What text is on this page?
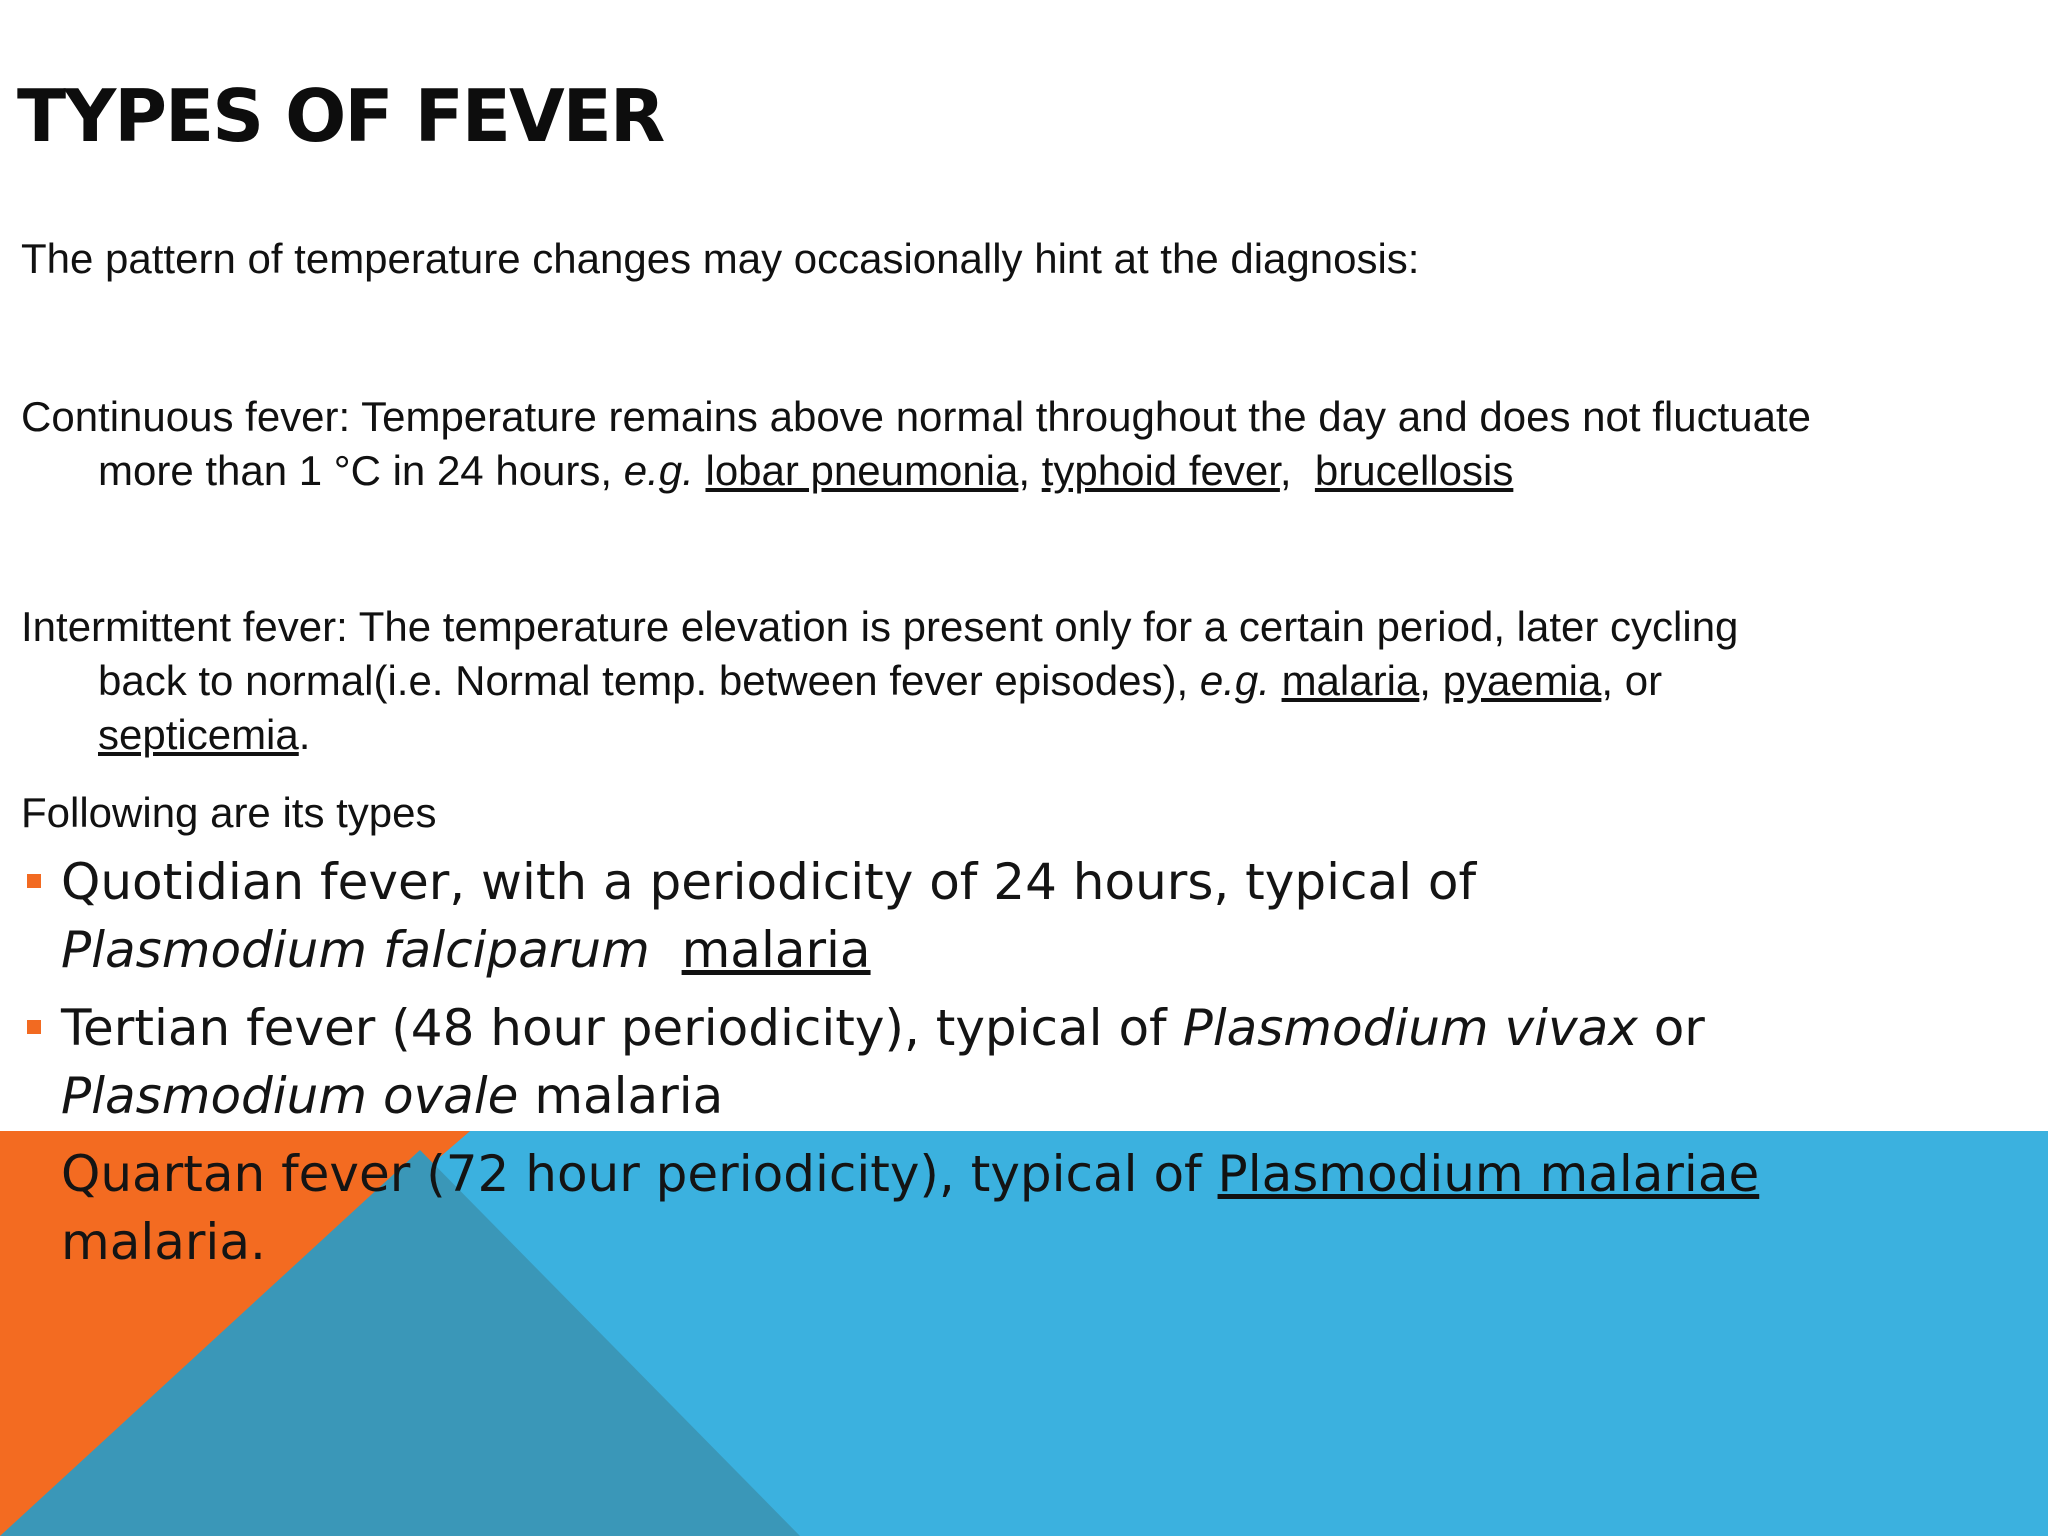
TYPES OF FEVER

The pattern of temperature changes may occasionally hint at the diagnosis:

Continuous fever: Temperature remains above normal throughout the day and does not fluctuate more than 1 °C in 24 hours, e.g. lobar pneumonia, typhoid fever,  brucellosis

Intermittent fever: The temperature elevation is present only for a certain period, later cycling back to normal(i.e. Normal temp. between fever episodes), e.g. malaria, pyaemia, or septicemia.

Following are its types

Quotidian fever, with a periodicity of 24 hours, typical of Plasmodium falciparum malaria
Tertian fever (48 hour periodicity), typical of Plasmodium vivax or Plasmodium ovale malaria
Quartan fever (72 hour periodicity), typical of Plasmodium malariae malaria.
